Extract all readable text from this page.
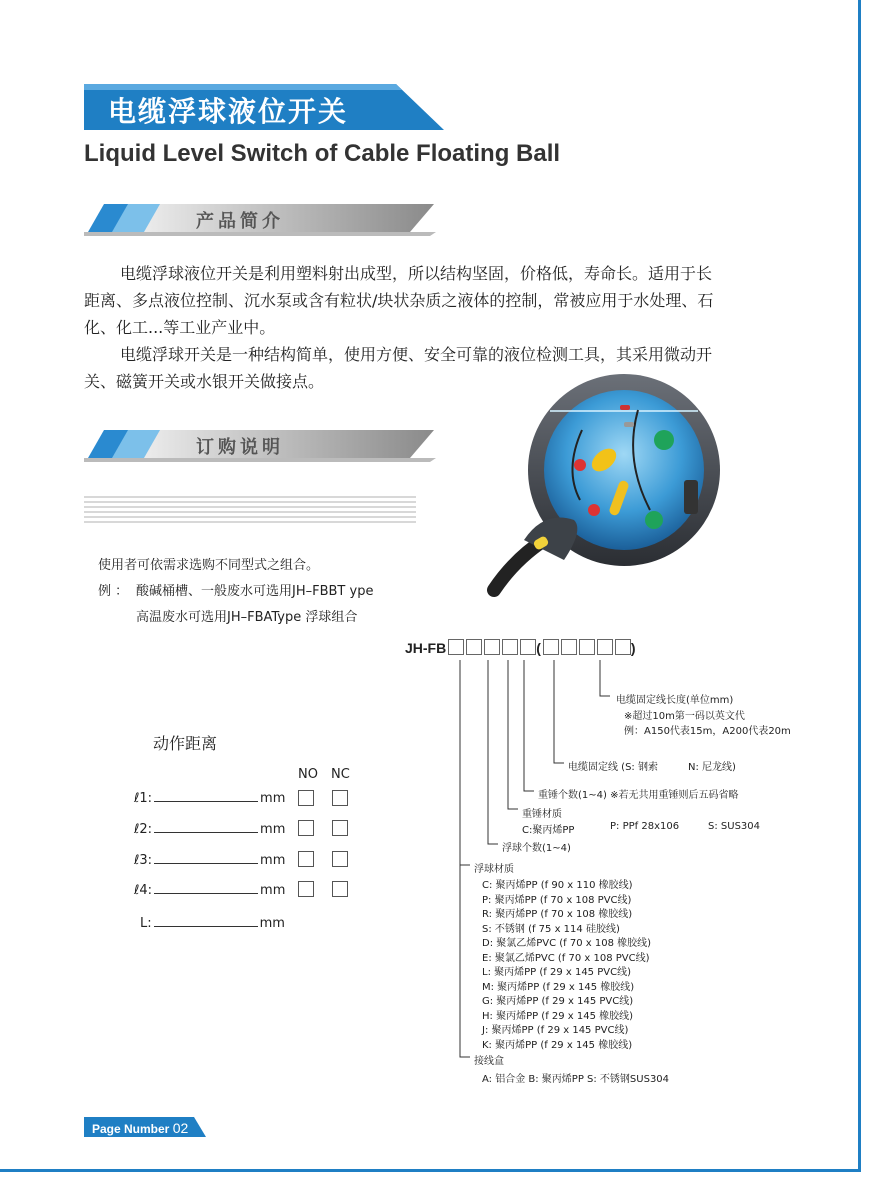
电缆浮球液位开关
Liquid Level Switch of Cable Floating Ball
产品简介
电缆浮球液位开关是利用塑料射出成型，所以结构坚固，价格低，寿命长。适用于长
距离、多点液位控制、沉水泵或含有粒状/块状杂质之液体的控制，常被应用于水处理、石
化、化工...等工业产业中。
电缆浮球开关是一种结构简单，使用方便、安全可靠的液位检测工具，其采用微动开
关、磁簧开关或水银开关做接点。
订购说明
使用者可依需求选购不同型式之组合。
例 ： 酸碱桶槽、一般废水可选用JH–FBBT ype
高温废水可选用JH–FBAType 浮球组合
JH-FB	(	)
电缆固定线长度(单位mm)
※超过10m第一码以英文代
例：A150代表15m，A200代表20m
电缆固定线 (S: 钢索	N: 尼龙线)
重锤个数(1~4) ※若无共用重锤则后五码省略
重锤材质
C:聚丙烯PP	P: PPf 28x106	S: SUS304
浮球个数(1~4)
浮球材质
C: 聚丙烯PP (f 90 x 110 橡胶线)
P: 聚丙烯PP (f 70 x 108 PVC线)
R: 聚丙烯PP (f 70 x 108 橡胶线)
S: 不锈钢 (f 75 x 114 硅胶线)
D: 聚氯乙烯PVC (f 70 x 108 橡胶线)
E: 聚氯乙烯PVC (f 70 x 108 PVC线)
L: 聚丙烯PP (f 29 x 145 PVC线)
M: 聚丙烯PP (f 29 x 145 橡胶线)
G: 聚丙烯PP (f 29 x 145 PVC线)
H: 聚丙烯PP (f 29 x 145 橡胶线)
J: 聚丙烯PP (f 29 x 145 PVC线)
K: 聚丙烯PP (f 29 x 145 橡胶线)
接线盒
A: 铝合金 B: 聚丙烯PP S: 不锈钢SUS304
动作距离
NO NC
ℓ1:	mm
ℓ2:	mm
ℓ3:	mm
ℓ4:	mm
L:	mm
Page Number 02
